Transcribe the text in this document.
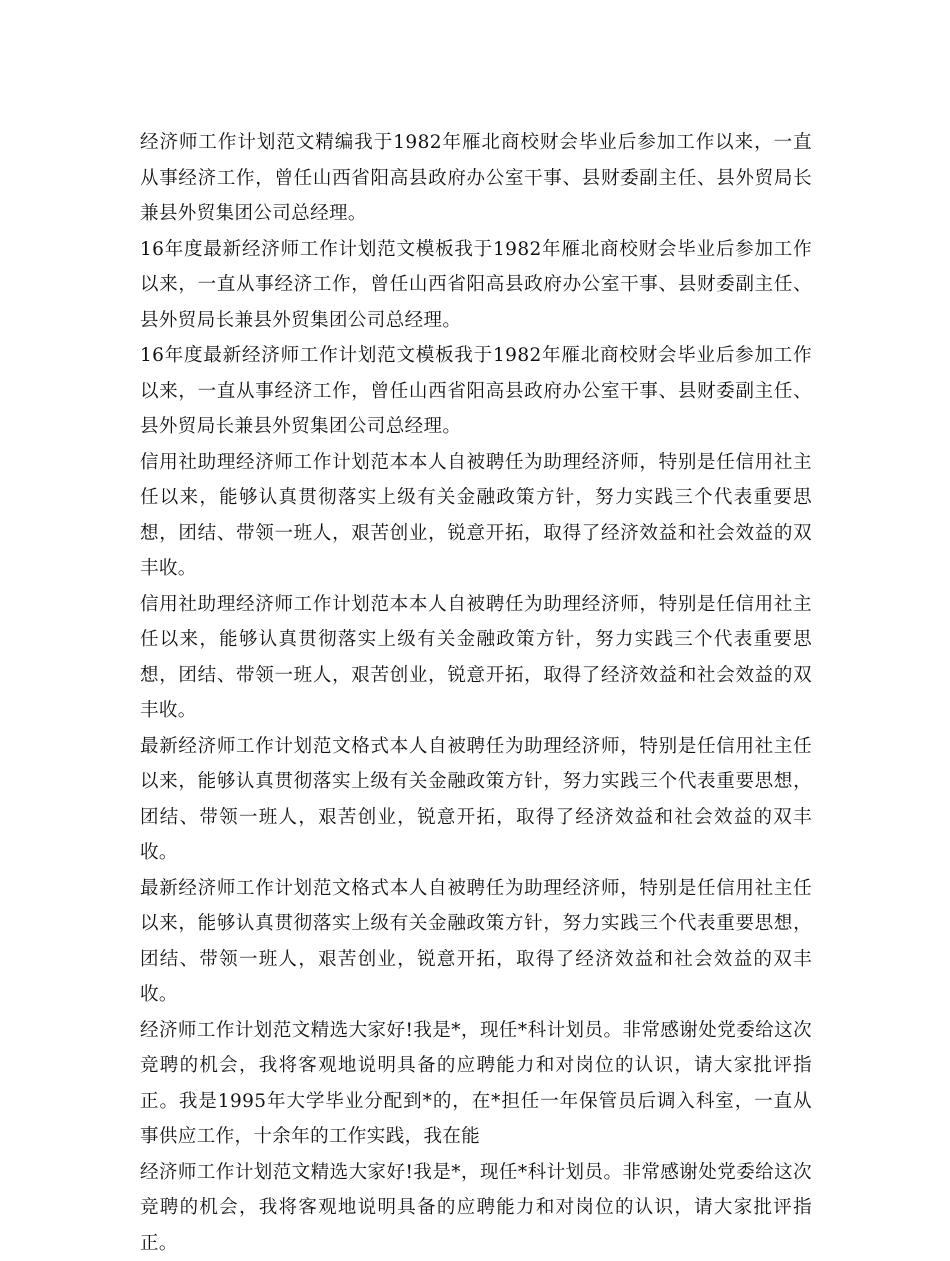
经济师工作计划范文精编我于1982年雁北商校财会毕业后参加工作以来，一直从事经济工作，曾任山西省阳高县政府办公室干事、县财委副主任、县外贸局长兼县外贸集团公司总经理。

16年度最新经济师工作计划范文模板我于1982年雁北商校财会毕业后参加工作以来，一直从事经济工作，曾任山西省阳高县政府办公室干事、县财委副主任、县外贸局长兼县外贸集团公司总经理。

16年度最新经济师工作计划范文模板我于1982年雁北商校财会毕业后参加工作以来，一直从事经济工作，曾任山西省阳高县政府办公室干事、县财委副主任、县外贸局长兼县外贸集团公司总经理。

信用社助理经济师工作计划范本本人自被聘任为助理经济师，特别是任信用社主任以来，能够认真贯彻落实上级有关金融政策方针，努力实践三个代表重要思想，团结、带领一班人，艰苦创业，锐意开拓，取得了经济效益和社会效益的双丰收。

信用社助理经济师工作计划范本本人自被聘任为助理经济师，特别是任信用社主任以来，能够认真贯彻落实上级有关金融政策方针，努力实践三个代表重要思想，团结、带领一班人，艰苦创业，锐意开拓，取得了经济效益和社会效益的双丰收。

最新经济师工作计划范文格式本人自被聘任为助理经济师，特别是任信用社主任以来，能够认真贯彻落实上级有关金融政策方针，努力实践三个代表重要思想，团结、带领一班人，艰苦创业，锐意开拓，取得了经济效益和社会效益的双丰收。

最新经济师工作计划范文格式本人自被聘任为助理经济师，特别是任信用社主任以来，能够认真贯彻落实上级有关金融政策方针，努力实践三个代表重要思想，团结、带领一班人，艰苦创业，锐意开拓，取得了经济效益和社会效益的双丰收。

经济师工作计划范文精选大家好!我是*，现任*科计划员。非常感谢处党委给这次竞聘的机会，我将客观地说明具备的应聘能力和对岗位的认识，请大家批评指正。我是1995年大学毕业分配到*的，在*担任一年保管员后调入科室，一直从事供应工作，十余年的工作实践，我在能

经济师工作计划范文精选大家好!我是*，现任*科计划员。非常感谢处党委给这次竞聘的机会，我将客观地说明具备的应聘能力和对岗位的认识，请大家批评指正。
